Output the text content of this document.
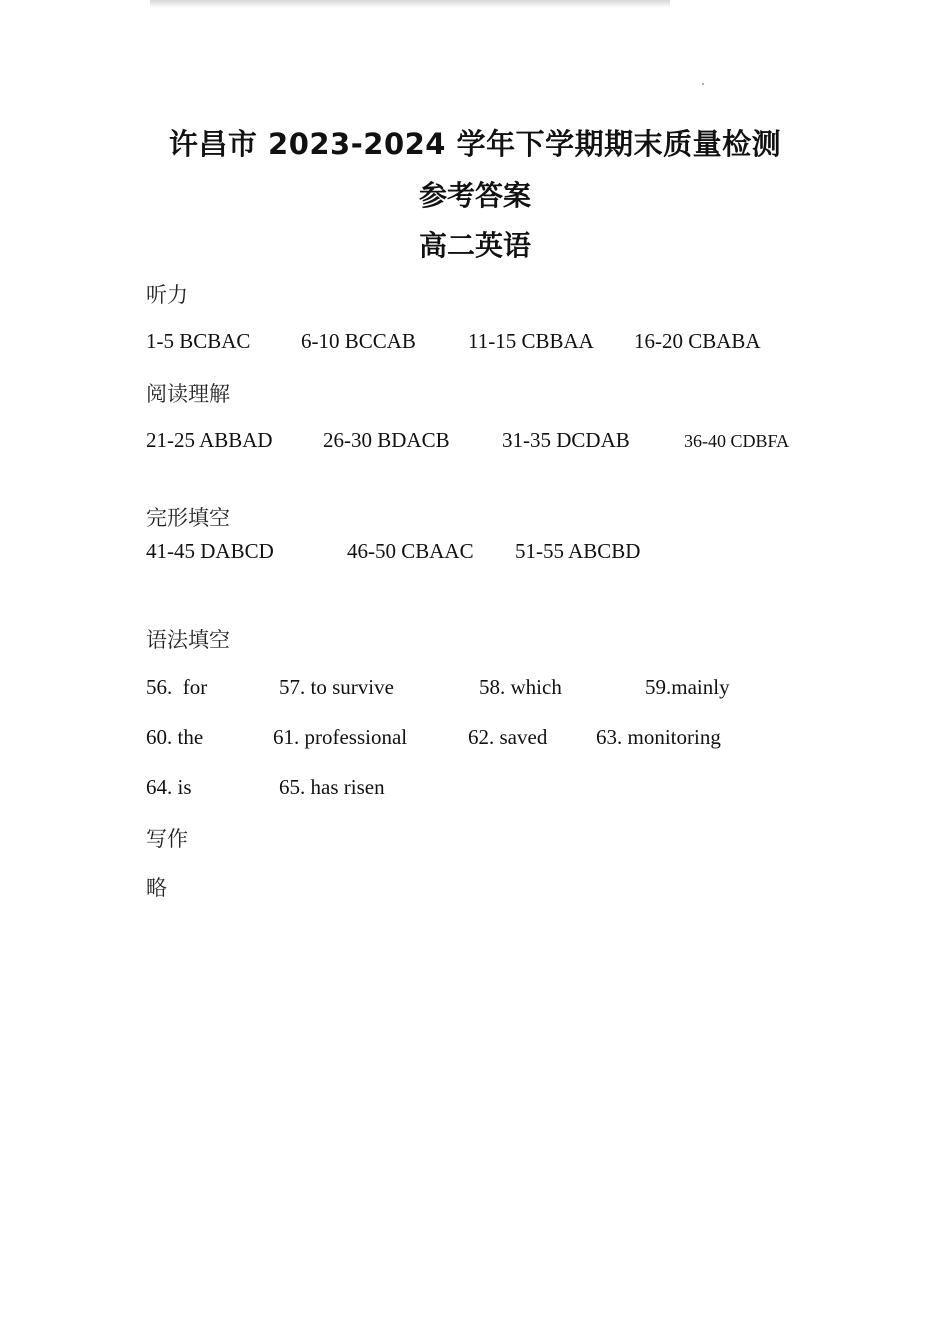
许昌市 2023-2024 学年下学期期末质量检测
参考答案
高二英语
听力
1-5 BCBAC 6-10 BCCAB 11-15 CBBAA 16-20 CBABA
阅读理解
21-25 ABBAD 26-30 BDACB 31-35 DCDAB	36-40 CDBFA
完形填空
41-45 DABCD	46-50 CBAAC 51-55 ABCBD
语法填空
56.  for	57. to survive	58. which	59.mainly
60. the	61. professional	62. saved 63. monitoring
64. is	65. has risen
写作
略
